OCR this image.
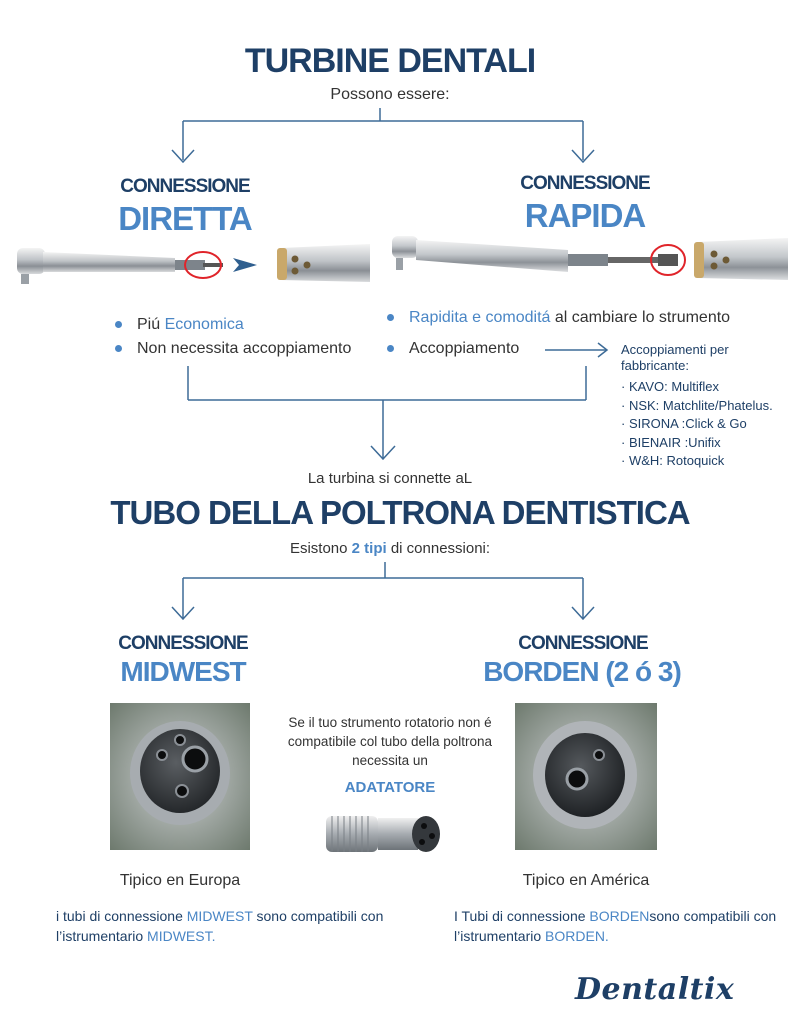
TURBINE DENTALI
Possono essere:
CONNESSIONE
DIRETTA
CONNESSIONE
RAPIDA
Piú Economica
Non necessita accoppiamento
Rapidita e comoditá al cambiare lo strumento
Accoppiamento	Accoppiamenti per fabbricante:
· KAVO: Multiflex
· NSK: Matchlite/Phatelus.
· SIRONA :Click & Go
· BIENAIR :Unifix
· W&H: Rotoquick
La turbina si connette aL
TUBO DELLA POLTRONA DENTISTICA
Esistono 2 tipi di connessioni:
CONNESSIONE
MIDWEST
CONNESSIONE
BORDEN (2 ó 3)
Se il tuo strumento rotatorio non é compatibile col tubo della poltrona necessita un
ADATATORE
Tipico en Europa	Tipico en América
i tubi di connessione MIDWEST sono compatibili con l’istrumentario MIDWEST.
I Tubi di connessione BORDENsono compatibili con l’istrumentario BORDEN.
Dentaltix
